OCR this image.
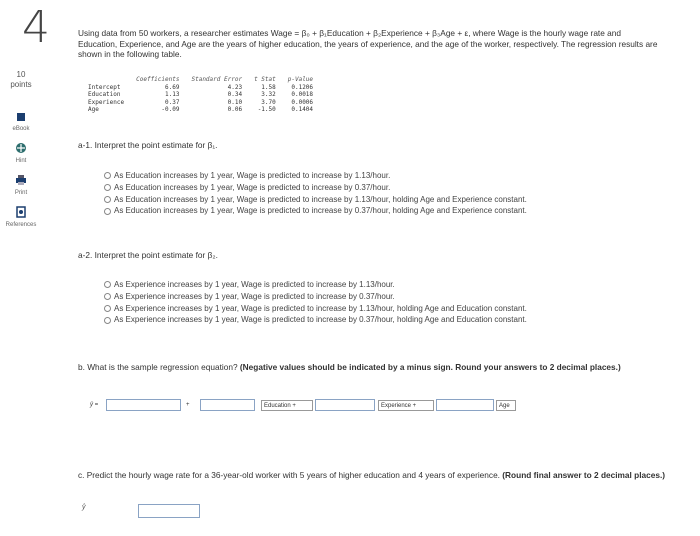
4
10
points
eBook
Hint
Print
References
Using data from 50 workers, a researcher estimates Wage = β₀ + β₁Education + β₂Experience + β₃Age + ε, where Wage is the hourly wage rate and Education, Experience, and Age are the years of higher education, the years of experience, and the age of the worker, respectively. The regression results are shown in the following table.
	Coefficients	Standard Error	t Stat	p-Value
Intercept	6.69	4.23	1.58	0.1206
Education	1.13	0.34	3.32	0.0018
Experience	0.37	0.10	3.70	0.0006
Age	-0.09	0.06	-1.50	0.1404
a-1. Interpret the point estimate for β₁.
As Education increases by 1 year, Wage is predicted to increase by 1.13/hour.
As Education increases by 1 year, Wage is predicted to increase by 0.37/hour.
As Education increases by 1 year, Wage is predicted to increase by 1.13/hour, holding Age and Experience constant.
As Education increases by 1 year, Wage is predicted to increase by 0.37/hour, holding Age and Experience constant.
a-2. Interpret the point estimate for β₂.
As Experience increases by 1 year, Wage is predicted to increase by 1.13/hour.
As Experience increases by 1 year, Wage is predicted to increase by 0.37/hour.
As Experience increases by 1 year, Wage is predicted to increase by 1.13/hour, holding Age and Education constant.
As Experience increases by 1 year, Wage is predicted to increase by 0.37/hour, holding Age and Education constant.
b. What is the sample regression equation? (Negative values should be indicated by a minus sign. Round your answers to 2 decimal places.)
ŷ =	+	Education +	Experience +	Age
c. Predict the hourly wage rate for a 36-year-old worker with 5 years of higher education and 4 years of experience. (Round final answer to 2 decimal places.)
ŷ
